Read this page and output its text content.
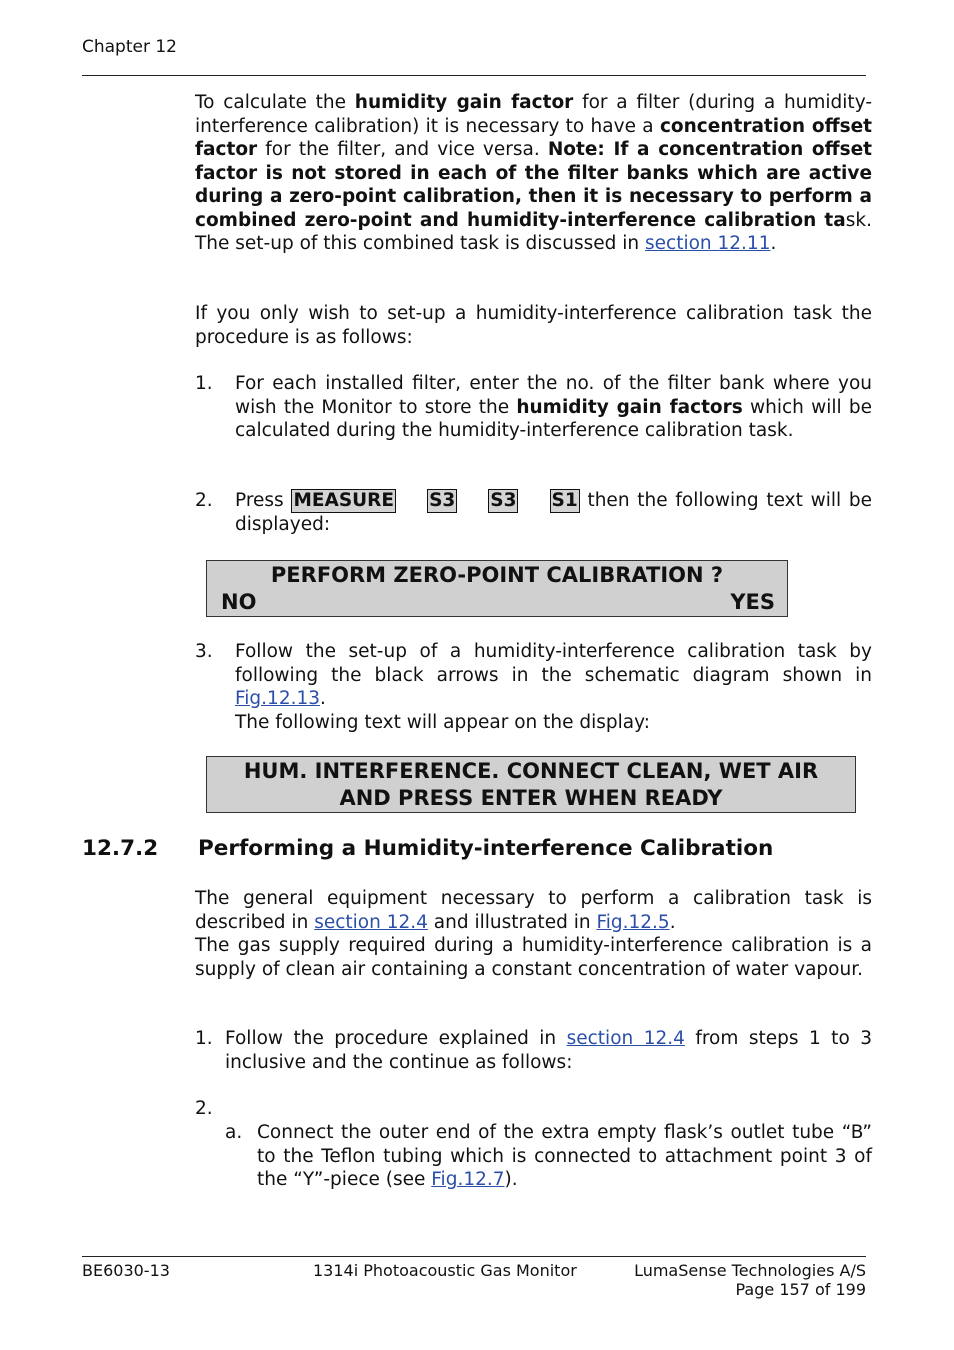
Chapter 12

To calculate the humidity gain factor for a filter (during a humidity-interference calibration) it is necessary to have a concentration offset factor for the filter, and vice versa. Note: If a concentration offset factor is not stored in each of the filter banks which are active during a zero-point calibration, then it is necessary to perform a combined zero-point and humidity-interference calibration task. The set-up of this combined task is discussed in section 12.11.

If you only wish to set-up a humidity-interference calibration task the procedure is as follows:
1. For each installed filter, enter the no. of the filter bank where you wish the Monitor to store the humidity gain factors which will be calculated during the humidity-interference calibration task.
2. Press MEASURE S3 S3 S1 then the following text will be displayed:
PERFORM ZERO-POINT CALIBRATION ?
NO	YES
3. Follow the set-up of a humidity-interference calibration task by following the black arrows in the schematic diagram shown in Fig.12.13.

The following text will appear on the display:
HUM. INTERFERENCE. CONNECT CLEAN, WET AIR
AND PRESS ENTER WHEN READY
12.7.2 Performing a Humidity-interference Calibration

The general equipment necessary to perform a calibration task is described in section 12.4 and illustrated in Fig.12.5.

The gas supply required during a humidity-interference calibration is a supply of clean air containing a constant concentration of water vapour.

1. Follow the procedure explained in section 12.4 from steps 1 to 3 inclusive and the continue as follows:
2.
a. Connect the outer end of the extra empty flask’s outlet tube “B” to the Teflon tubing which is connected to attachment point 3 of the “Y”-piece (see Fig.12.7).
BE6030-13	1314i Photoacoustic Gas Monitor	LumaSense Technologies A/S
Page 157 of 199
